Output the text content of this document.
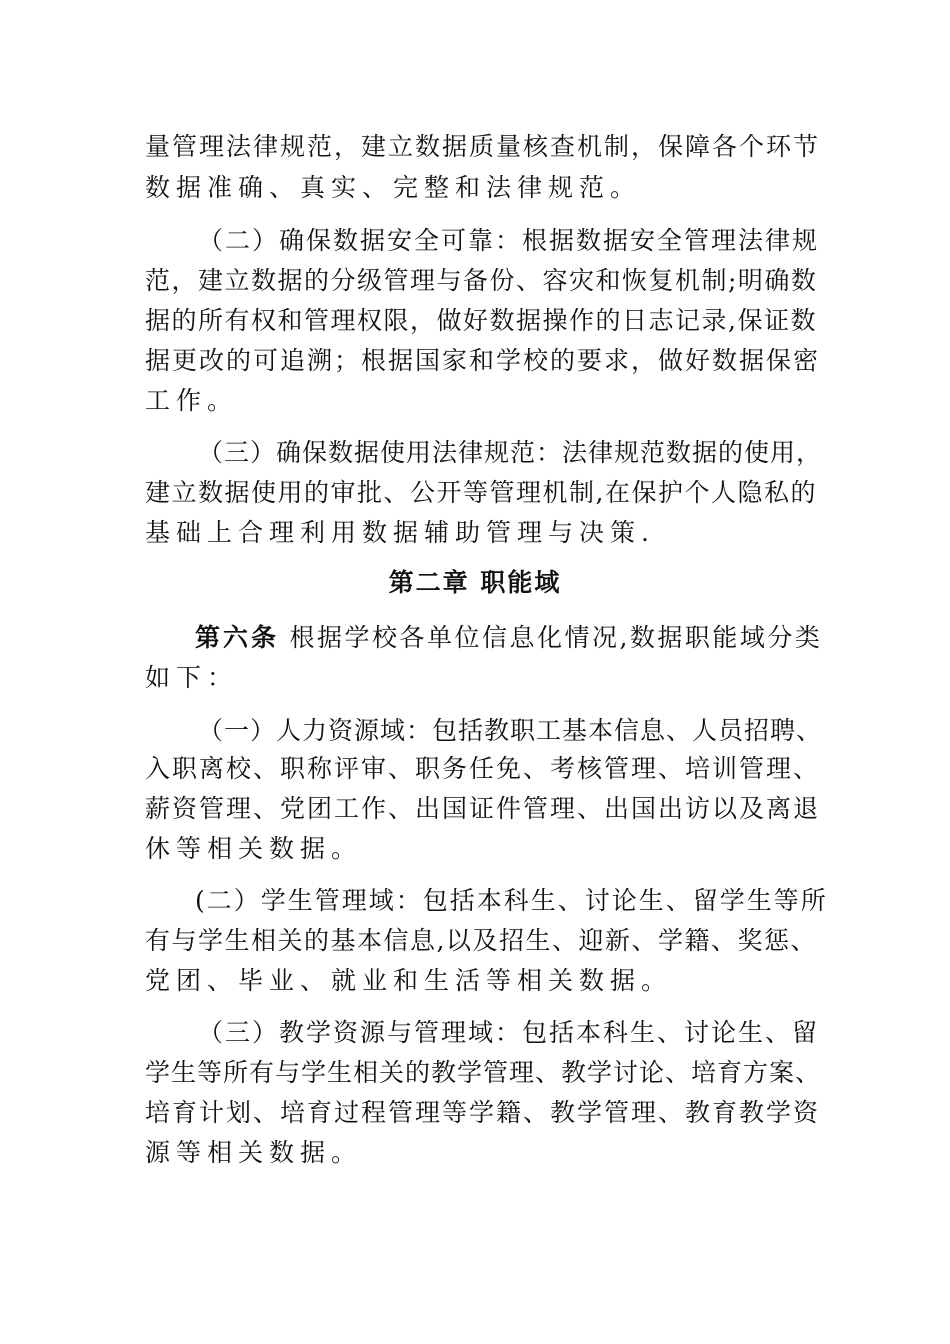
量管理法律规范，建立数据质量核查机制，保障各个环节
数据准确、真实、完整和法律规范。
（二）确保数据安全可靠：根据数据安全管理法律规
范，建立数据的分级管理与备份、容灾和恢复机制;明确数
据的所有权和管理权限，做好数据操作的日志记录,保证数
据更改的可追溯；根据国家和学校的要求，做好数据保密
工作。
（三）确保数据使用法律规范：法律规范数据的使用，
建立数据使用的审批、公开等管理机制,在保护个人隐私的
基础上合理利用数据辅助管理与决策.
第二章 职能域
第六条 根据学校各单位信息化情况,数据职能域分类
如下：
（一）人力资源域：包括教职工基本信息、人员招聘、
入职离校、职称评审、职务任免、考核管理、培训管理、
薪资管理、党团工作、出国证件管理、出国出访以及离退
休等相关数据。
(二）学生管理域：包括本科生、讨论生、留学生等所
有与学生相关的基本信息,以及招生、迎新、学籍、奖惩、
党团、毕业、就业和生活等相关数据。
（三）教学资源与管理域：包括本科生、讨论生、留
学生等所有与学生相关的教学管理、教学讨论、培育方案、
培育计划、培育过程管理等学籍、教学管理、教育教学资
源等相关数据。
